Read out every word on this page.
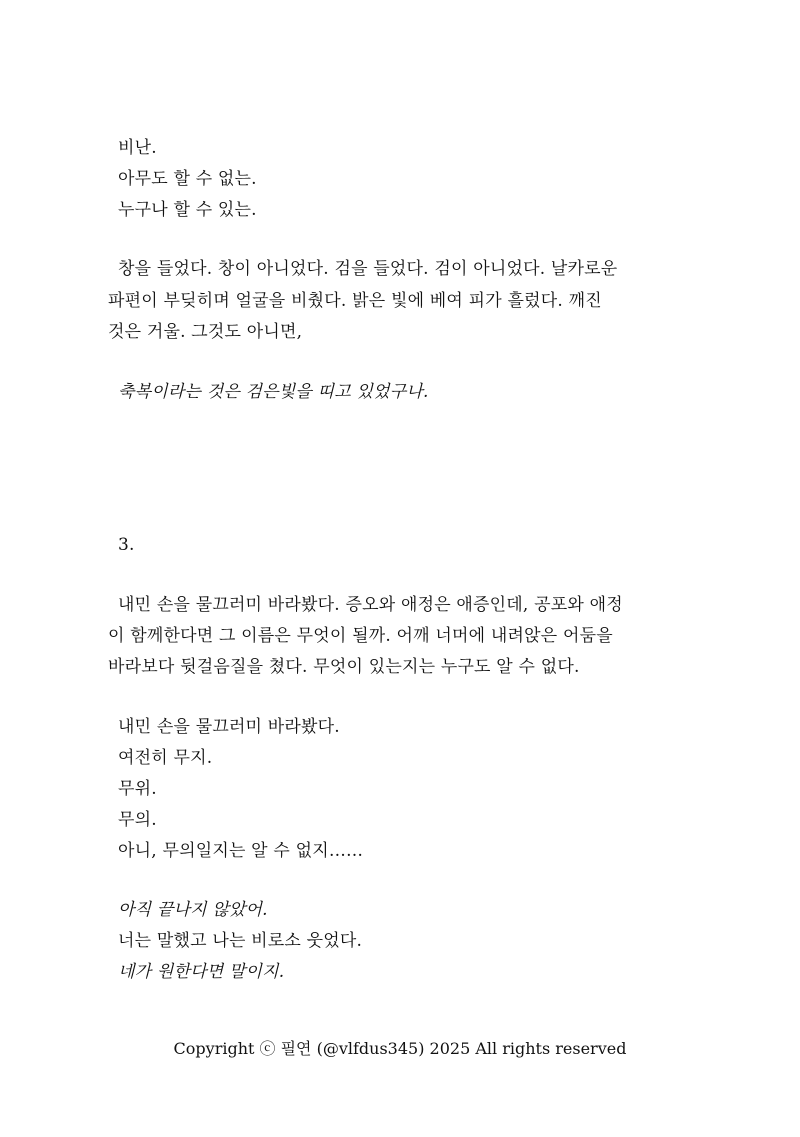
비난.
아무도 할 수 없는.
누구나 할 수 있는.
창을 들었다. 창이 아니었다. 검을 들었다. 검이 아니었다. 날카로운
파편이 부딪히며 얼굴을 비췄다. 밝은 빛에 베여 피가 흘렀다. 깨진
것은 거울. 그것도 아니면,
축복이라는 것은 검은빛을 띠고 있었구나.
3.
내민 손을 물끄러미 바라봤다. 증오와 애정은 애증인데, 공포와 애정
이 함께한다면 그 이름은 무엇이 될까. 어깨 너머에 내려앉은 어둠을
바라보다 뒷걸음질을 쳤다. 무엇이 있는지는 누구도 알 수 없다.
내민 손을 물끄러미 바라봤다.
여전히 무지.
무위.
무의.
아니, 무의일지는 알 수 없지……
아직 끝나지 않았어.
너는 말했고 나는 비로소 웃었다.
네가 원한다면 말이지.
Copyright ⓒ 필연 (@vlfdus345) 2025 All rights reserved
